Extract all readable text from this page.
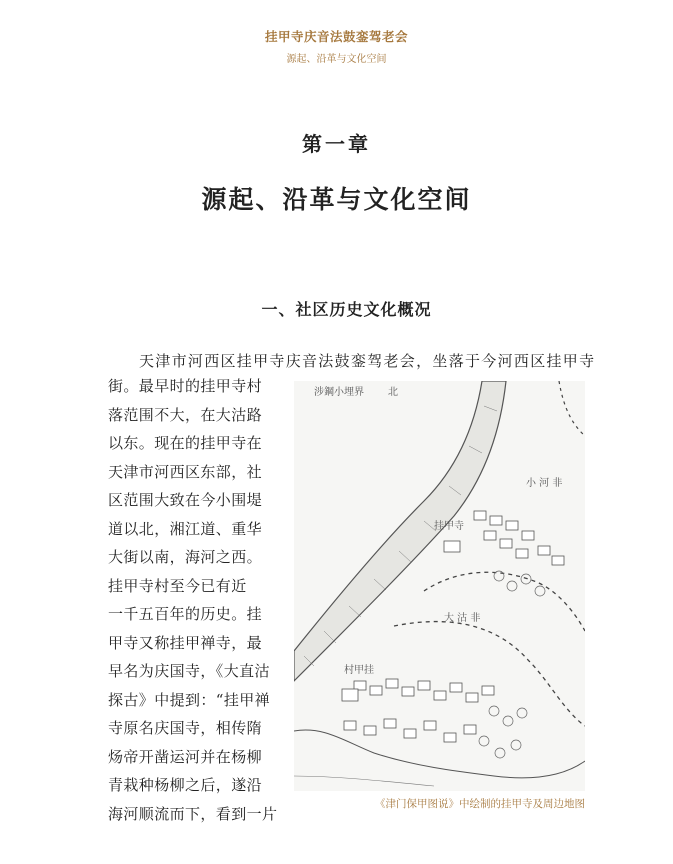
挂甲寺庆音法鼓銮驾老会
源起、沿革与文化空间
第一章
源起、沿革与文化空间
一、社区历史文化概况
天津市河西区挂甲寺庆音法鼓銮驾老会，坐落于今河西区挂甲寺
街。最早时的挂甲寺村
落范围不大，在大沽路
以东。现在的挂甲寺在
天津市河西区东部，社
区范围大致在今小围堤
道以北，湘江道、重华
大街以南，海河之西。
挂甲寺村至今已有近
一千五百年的历史。挂
甲寺又称挂甲禅寺，最
早名为庆国寺，《大直沽
探古》中提到：“挂甲禅
寺原名庆国寺，相传隋
炀帝开凿运河并在杨柳
青栽种杨柳之后，遂沿
海河顺流而下，看到一片
涉鋼小埋界 北
小 河 非
挂甲寺
大 沽 非
村甲挂
《津门保甲图说》中绘制的挂甲寺及周边地图
